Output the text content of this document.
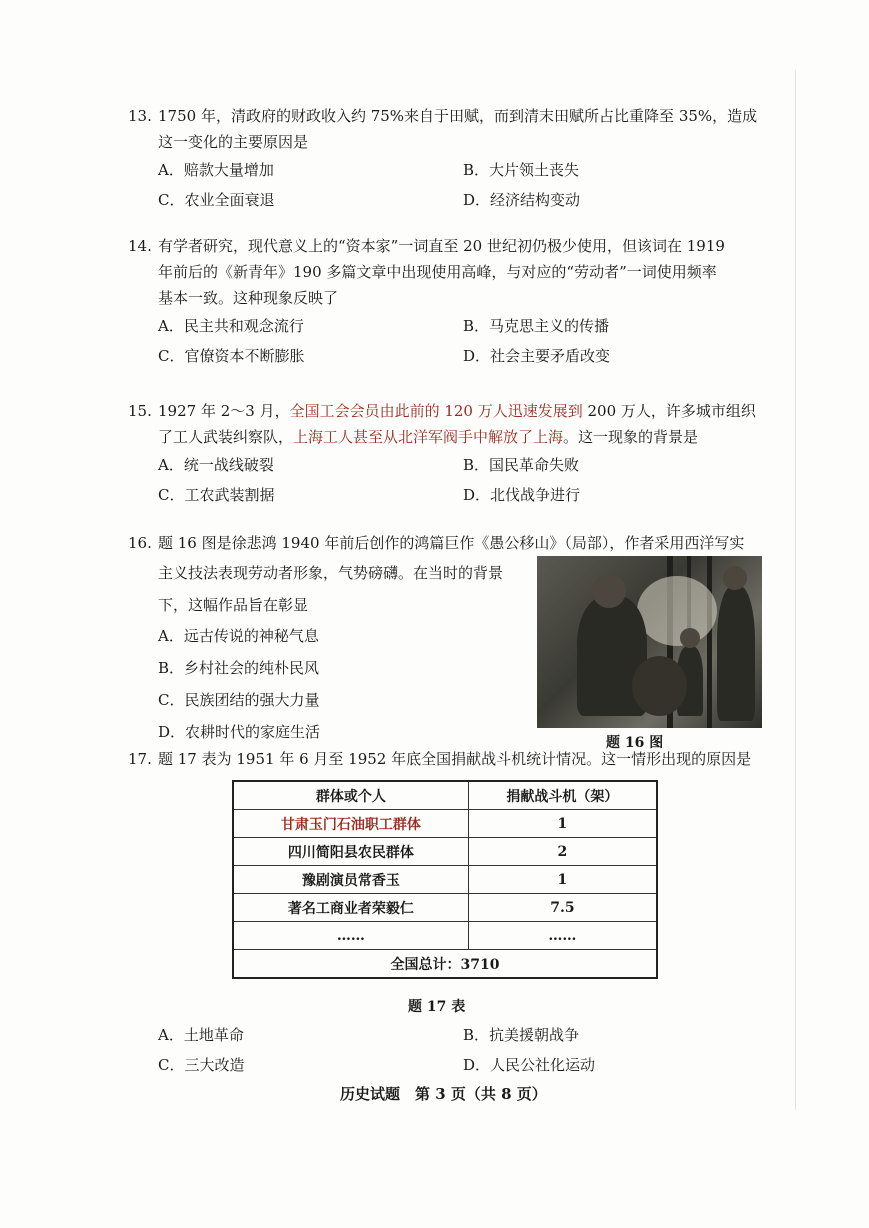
13. 1750 年，清政府的财政收入约 75%来自于田赋，而到清末田赋所占比重降至 35%，造成
这一变化的主要原因是
A．赔款大量增加	B．大片领土丧失
C．农业全面衰退	D．经济结构变动
14. 有学者研究，现代意义上的“资本家”一词直至 20 世纪初仍极少使用，但该词在 1919
年前后的《新青年》190 多篇文章中出现使用高峰，与对应的“劳动者”一词使用频率
基本一致。这种现象反映了
A．民主共和观念流行	B．马克思主义的传播
C．官僚资本不断膨胀	D．社会主要矛盾改变
15. 1927 年 2～3 月，全国工会会员由此前的 120 万人迅速发展到 200 万人，许多城市组织
了工人武装纠察队，上海工人甚至从北洋军阀手中解放了上海。这一现象的背景是
A．统一战线破裂	B．国民革命失败
C．工农武装割据	D．北伐战争进行
16. 题 16 图是徐悲鸿 1940 年前后创作的鸿篇巨作《愚公移山》（局部），作者采用西洋写实
主义技法表现劳动者形象，气势磅礴。在当时的背景
下，这幅作品旨在彰显
A．远古传说的神秘气息
B．乡村社会的纯朴民风
C．民族团结的强大力量
D．农耕时代的家庭生活
题 16 图
17. 题 17 表为 1951 年 6 月至 1952 年底全国捐献战斗机统计情况。这一情形出现的原因是
群体或个人	捐献战斗机（架）
甘肃玉门石油职工群体	1
四川简阳县农民群体	2
豫剧演员常香玉	1
著名工商业者荣毅仁	7.5
……	……
全国总计：3710	
题 17 表
A．土地革命	B．抗美援朝战争
C．三大改造	D．人民公社化运动
历史试题　第 3 页（共 8 页）
